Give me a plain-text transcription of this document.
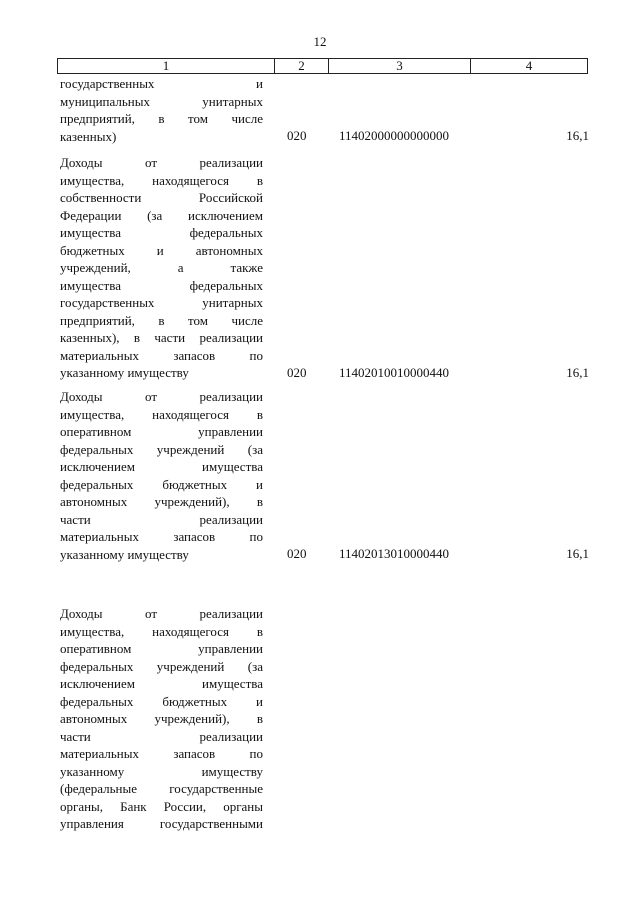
12
1	2	3	4
государственных и
муниципальных унитарных
предприятий, в том числе
казенных)	020	11402000000000000	16,1
Доходы от реализации
имущества, находящегося в
собственности Российской
Федерации (за исключением
имущества федеральных
бюджетных и автономных
учреждений, а также
имущества федеральных
государственных унитарных
предприятий, в том числе
казенных), в части реализации
материальных запасов по
указанному имуществу	020	11402010010000440	16,1
Доходы от реализации
имущества, находящегося в
оперативном управлении
федеральных учреждений (за
исключением имущества
федеральных бюджетных и
автономных учреждений), в
части реализации
материальных запасов по
указанному имуществу	020	11402013010000440	16,1
Доходы от реализации
имущества, находящегося в
оперативном управлении
федеральных учреждений (за
исключением имущества
федеральных бюджетных и
автономных учреждений), в
части реализации
материальных запасов по
указанному имуществу
(федеральные государственные
органы, Банк России, органы
управления государственными
